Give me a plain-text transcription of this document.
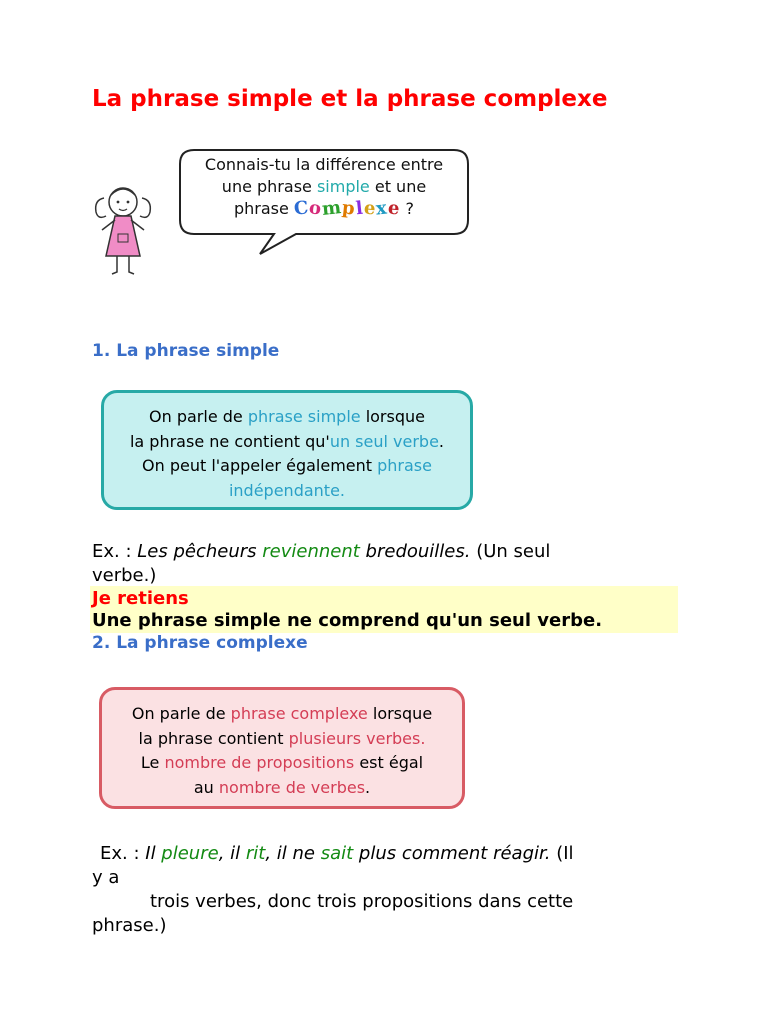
La phrase simple et la phrase complexe
Connais-tu la différence entre
une phrase simple et une
phrase Complexe ?
1. La phrase simple
On parle de phrase simple lorsque
la phrase ne contient qu'un seul verbe.
On peut l'appeler également phrase
indépendante.
Ex. : Les pêcheurs reviennent bredouilles. (Un seul
verbe.)
Je retiens
Une phrase simple ne comprend qu'un seul verbe.
2. La phrase complexe
On parle de phrase complexe lorsque
la phrase contient plusieurs verbes.
Le nombre de propositions est égal
au nombre de verbes.
Ex. : Il pleure, il rit, il ne sait plus comment réagir. (Il
y a
trois verbes, donc trois propositions dans cette
phrase.)
